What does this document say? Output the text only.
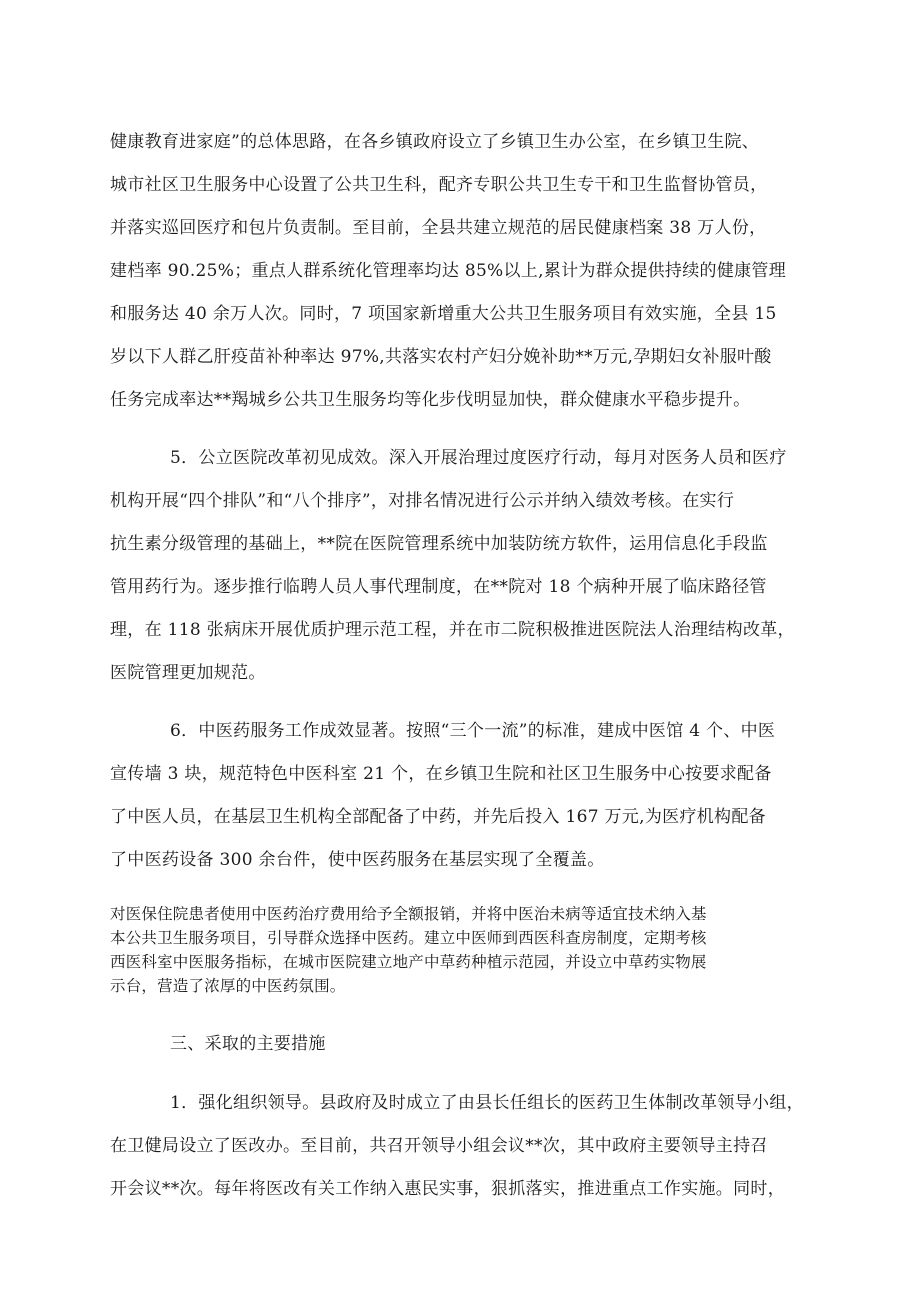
健康教育进家庭”的总体思路，在各乡镇政府设立了乡镇卫生办公室，在乡镇卫生院、
城市社区卫生服务中心设置了公共卫生科，配齐专职公共卫生专干和卫生监督协管员，
并落实巡回医疗和包片负责制。至目前，全县共建立规范的居民健康档案 38 万人份，
建档率 90.25%；重点人群系统化管理率均达 85%以上,累计为群众提供持续的健康管理
和服务达 40 余万人次。同时，7 项国家新增重大公共卫生服务项目有效实施，全县 15
岁以下人群乙肝疫苗补种率达 97%,共落实农村产妇分娩补助**万元,孕期妇女补服叶酸
任务完成率达**羯城乡公共卫生服务均等化步伐明显加快，群众健康水平稳步提升。
5．公立医院改革初见成效。深入开展治理过度医疗行动，每月对医务人员和医疗
机构开展“四个排队”和“八个排序”，对排名情况进行公示并纳入绩效考核。在实行
抗生素分级管理的基础上，**院在医院管理系统中加装防统方软件，运用信息化手段监
管用药行为。逐步推行临聘人员人事代理制度，在**院对 18 个病种开展了临床路径管
理，在 118 张病床开展优质护理示范工程，并在市二院积极推进医院法人治理结构改革，
医院管理更加规范。
6．中医药服务工作成效显著。按照“三个一流”的标准，建成中医馆 4 个、中医
宣传墙 3 块，规范特色中医科室 21 个，在乡镇卫生院和社区卫生服务中心按要求配备
了中医人员，在基层卫生机构全部配备了中药，并先后投入 167 万元,为医疗机构配备
了中医药设备 300 余台件，使中医药服务在基层实现了全覆盖。
对医保住院患者使用中医药治疗费用给予全额报销，并将中医治未病等适宜技术纳入基
本公共卫生服务项目，引导群众选择中医药。建立中医师到西医科查房制度，定期考核
西医科室中医服务指标，在城市医院建立地产中草药种植示范园，并设立中草药实物展
示台，营造了浓厚的中医药氛围。
三、采取的主要措施
1．强化组织领导。县政府及时成立了由县长任组长的医药卫生体制改革领导小组，
在卫健局设立了医改办。至目前，共召开领导小组会议**次，其中政府主要领导主持召
开会议**次。每年将医改有关工作纳入惠民实事，狠抓落实，推进重点工作实施。同时，
